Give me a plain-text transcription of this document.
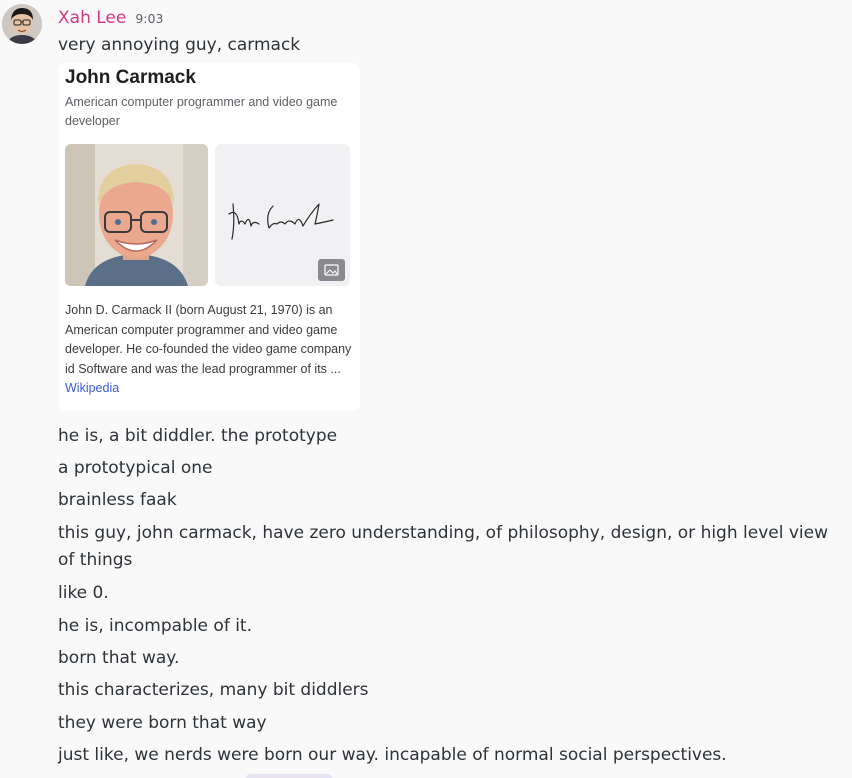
Xah Lee 9:03
very annoying guy, carmack
John Carmack
American computer programmer and video game developer
John D. Carmack II (born August 21, 1970) is an American computer programmer and video game developer. He co-founded the video game company id Software and was the lead programmer of its ... Wikipedia
he is, a bit diddler. the prototype
a prototypical one
brainless faak
this guy, john carmack, have zero understanding, of philosophy, design, or high level view of things
like 0.
he is, incompable of it.
born that way.
this characterizes, many bit diddlers
they were born that way
just like, we nerds were born our way. incapable of normal social perspectives.
